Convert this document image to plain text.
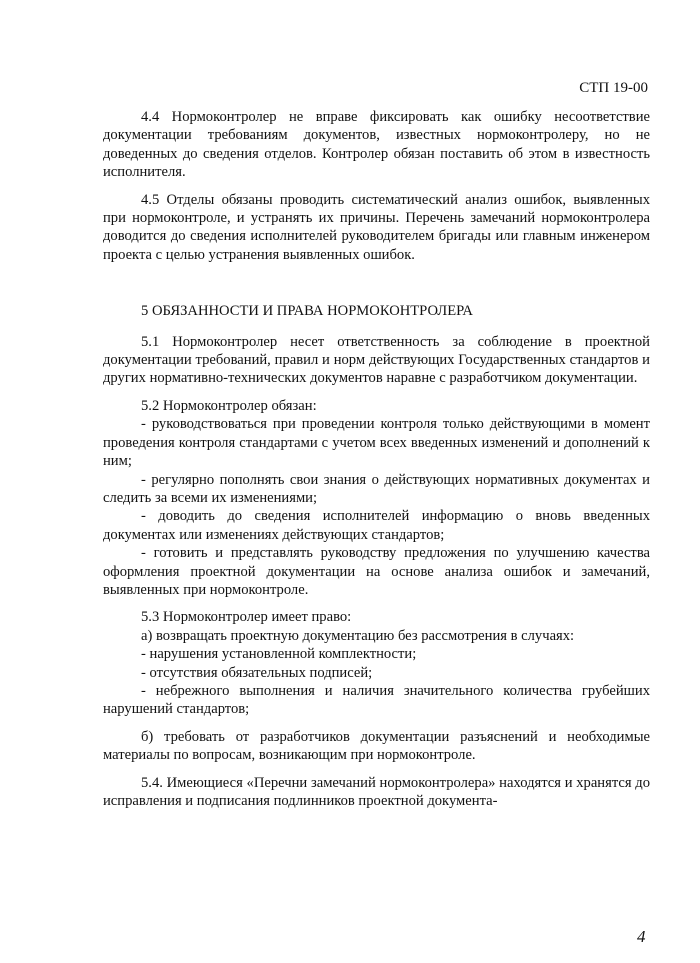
СТП 19-00

4.4 Нормоконтролер не вправе фиксировать как ошибку несоответствие документации требованиям документов, известных нормоконтролеру, но не доведенных до сведения отделов. Контролер обязан поставить об этом в известность исполнителя.

4.5 Отделы обязаны проводить систематический анализ ошибок, выявленных при нормоконтроле, и устранять их причины. Перечень замечаний нормоконтролера доводится до сведения исполнителей руководителем бригады или главным инженером проекта с целью устранения выявленных ошибок.

5 ОБЯЗАННОСТИ И ПРАВА НОРМОКОНТРОЛЕРА

5.1 Нормоконтролер несет ответственность за соблюдение в проектной документации требований, правил и норм действующих Государственных стандартов и других нормативно-технических документов наравне с разработчиком документации.

5.2 Нормоконтролер обязан:

- руководствоваться при проведении контроля только действующими в момент проведения контроля стандартами с учетом всех введенных изменений и дополнений к ним;

- регулярно пополнять свои знания о действующих нормативных документах и следить за всеми их изменениями;

- доводить до сведения исполнителей информацию о вновь введенных документах или изменениях действующих стандартов;

- готовить и представлять руководству предложения по улучшению качества оформления проектной документации на основе анализа ошибок и замечаний, выявленных при нормоконтроле.

5.3 Нормоконтролер имеет право:

а) возвращать проектную документацию без рассмотрения в случаях:

- нарушения установленной комплектности;

- отсутствия обязательных подписей;

- небрежного выполнения и наличия значительного количества грубейших нарушений стандартов;

б) требовать от разработчиков документации разъяснений и необходимые материалы по вопросам, возникающим при нормоконтроле.

5.4. Имеющиеся «Перечни замечаний нормоконтролера» находятся и хранятся до исправления и подписания подлинников проектной документа-

4
